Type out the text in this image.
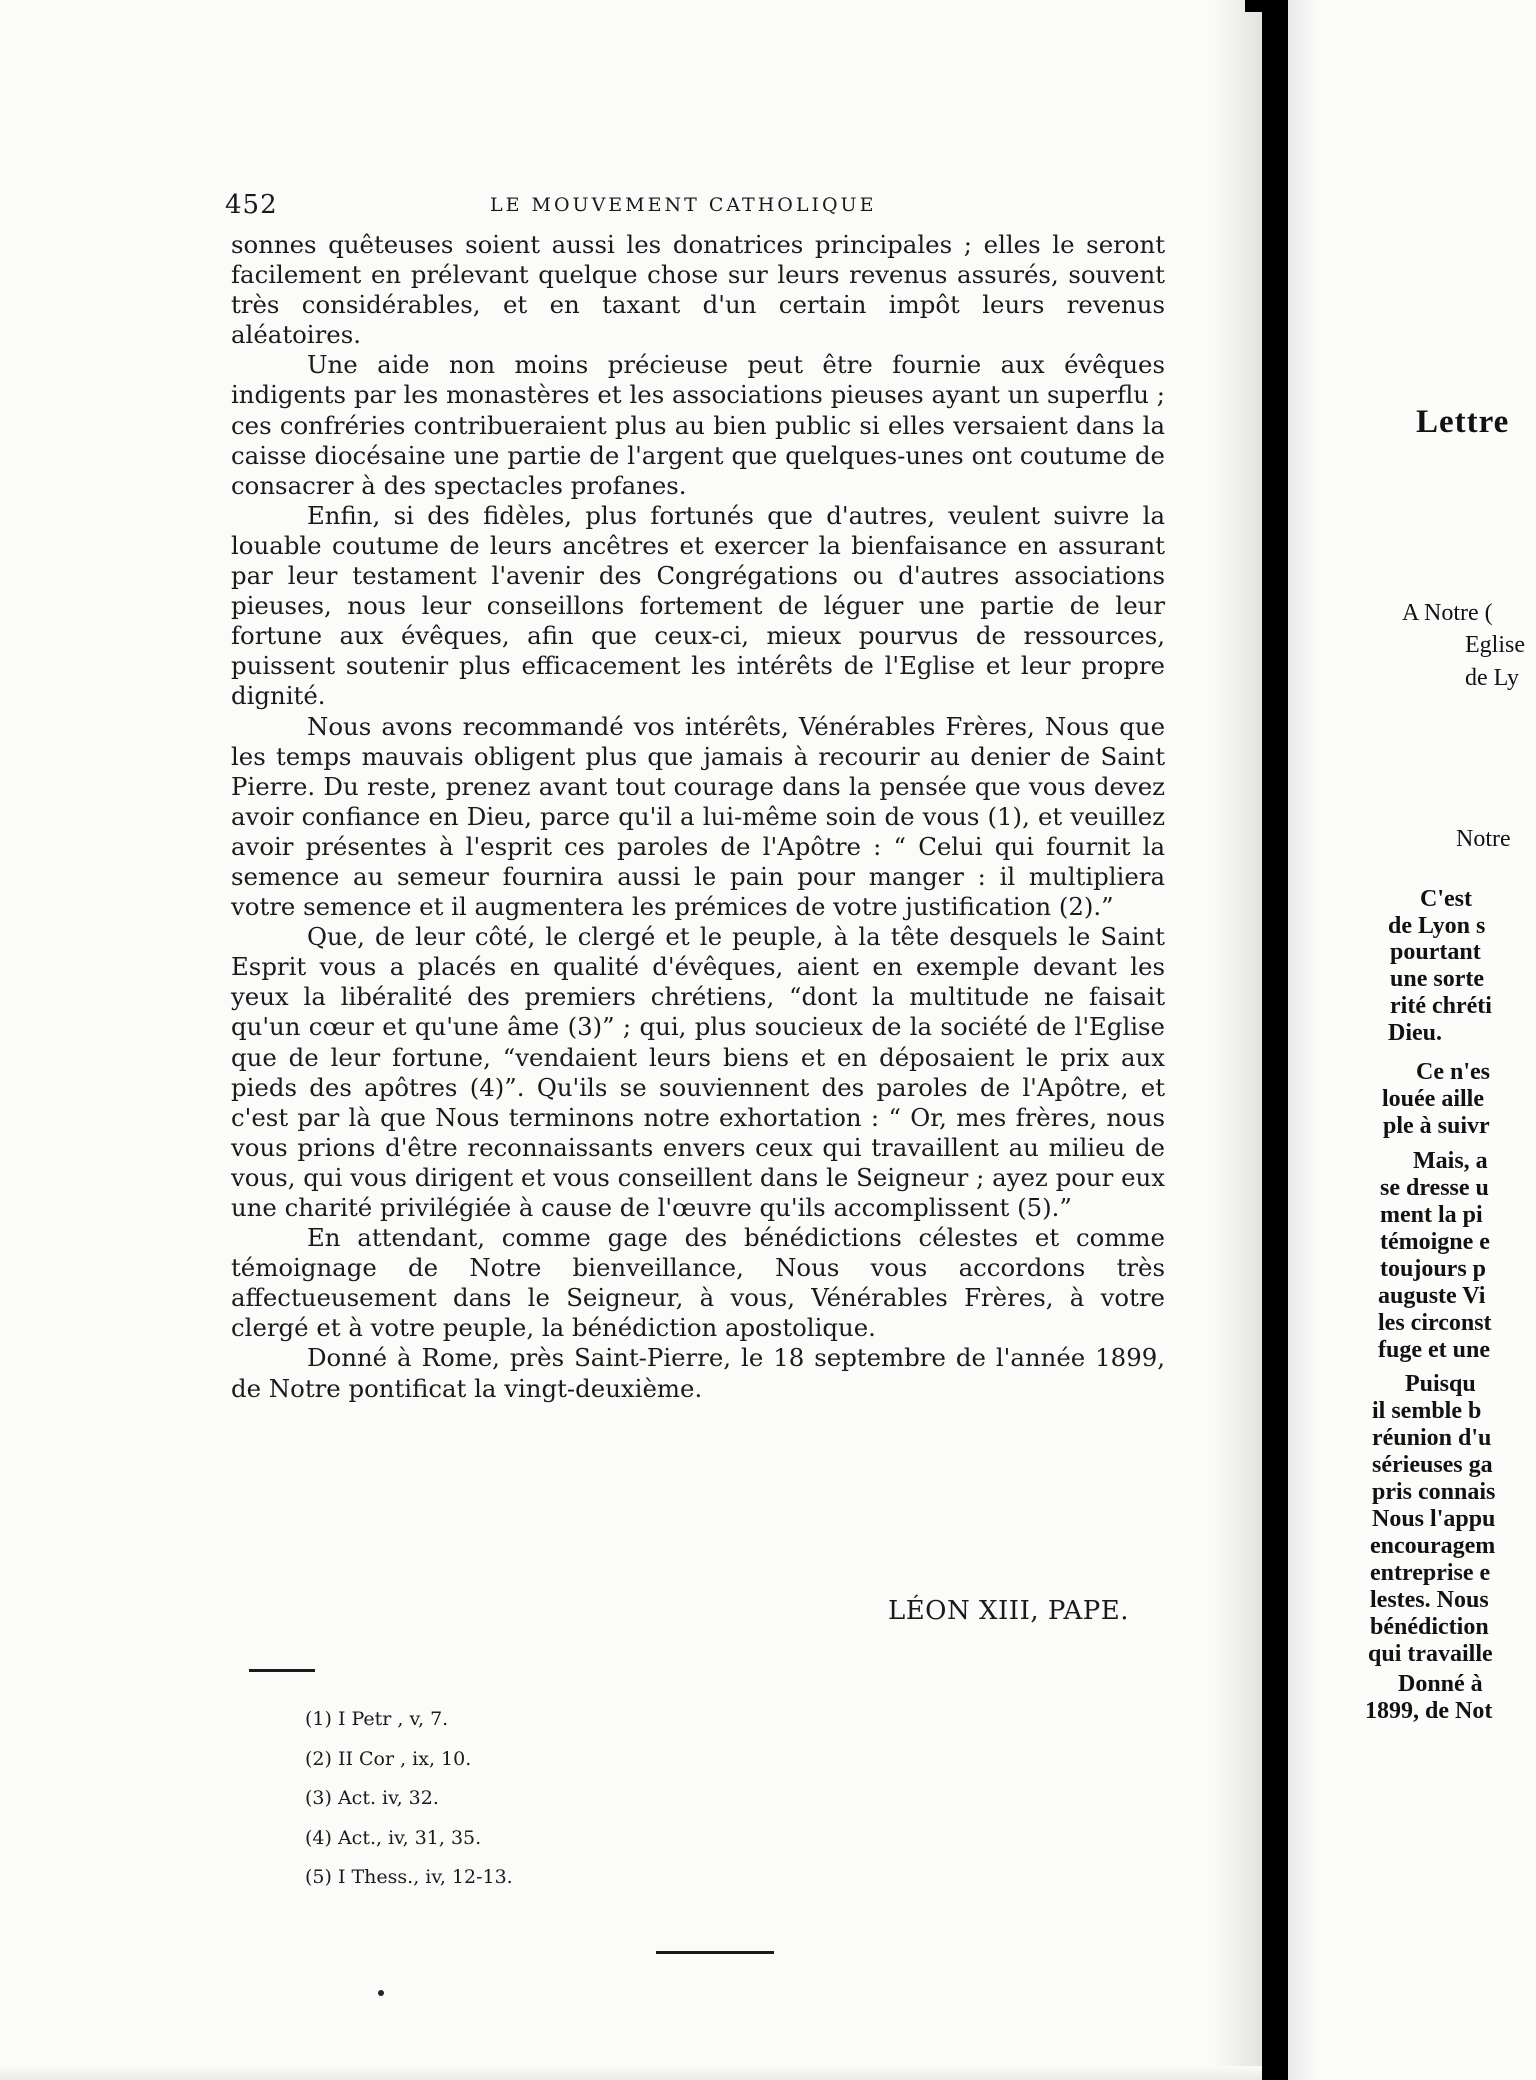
452	LE MOUVEMENT CATHOLIQUE

sonnes quêteuses soient aussi les donatrices principales ; elles le seront facilement en prélevant quelque chose sur leurs revenus assurés, souvent très considérables, et en taxant d'un certain impôt leurs revenus aléatoires.

Une aide non moins précieuse peut être fournie aux évêques indigents par les monastères et les associations pieuses ayant un superflu ; ces confréries contribueraient plus au bien public si elles versaient dans la caisse diocésaine une partie de l'argent que quelques-unes ont coutume de consacrer à des spectacles profanes.

Enfin, si des fidèles, plus fortunés que d'autres, veulent suivre la louable coutume de leurs ancêtres et exercer la bienfaisance en assurant par leur testament l'avenir des Congrégations ou d'autres associations pieuses, nous leur conseillons fortement de léguer une partie de leur fortune aux évêques, afin que ceux-ci, mieux pourvus de ressources, puissent soutenir plus efficacement les intérêts de l'Eglise et leur propre dignité.

Nous avons recommandé vos intérêts, Vénérables Frères, Nous que les temps mauvais obligent plus que jamais à recourir au denier de Saint Pierre. Du reste, prenez avant tout courage dans la pensée que vous devez avoir confiance en Dieu, parce qu'il a lui-même soin de vous (1), et veuillez avoir présentes à l'esprit ces paroles de l'Apôtre : “ Celui qui fournit la semence au semeur fournira aussi le pain pour manger : il multipliera votre semence et il augmentera les prémices de votre justification (2).”

Que, de leur côté, le clergé et le peuple, à la tête desquels le Saint Esprit vous a placés en qualité d'évêques, aient en exemple devant les yeux la libéralité des premiers chrétiens, “dont la multitude ne faisait qu'un cœur et qu'une âme (3)” ; qui, plus soucieux de la société de l'Eglise que de leur fortune, “vendaient leurs biens et en déposaient le prix aux pieds des apôtres (4)”. Qu'ils se souviennent des paroles de l'Apôtre, et c'est par là que Nous terminons notre exhortation : “ Or, mes frères, nous vous prions d'être reconnaissants envers ceux qui travaillent au milieu de vous, qui vous dirigent et vous conseillent dans le Seigneur ; ayez pour eux une charité privilégiée à cause de l'œuvre qu'ils accomplissent (5).”

En attendant, comme gage des bénédictions célestes et comme témoignage de Notre bienveillance, Nous vous accordons très affectueusement dans le Seigneur, à vous, Vénérables Frères, à votre clergé et à votre peuple, la bénédiction apostolique.

Donné à Rome, près Saint-Pierre, le 18 septembre de l'année 1899, de Notre pontificat la vingt-deuxième.

LÉON XIII, PAPE.
(1) I Petr , v, 7.
(2) II Cor , ix, 10.
(3) Act. iv, 32.
(4) Act., iv, 31, 35.
(5) I Thess., iv, 12-13.
Lettre
A Notre (
Eglise
de Ly
Notre
C'est
de Lyon s
pourtant
une sorte
rité chréti
Dieu.
Ce n'es
louée aille
ple à suivr
Mais, a
se dresse u
ment la pi
témoigne e
toujours p
auguste Vi
les circonst
fuge et une
Puisqu
il semble b
réunion d'u
sérieuses ga
pris connais
Nous l'appu
encouragem
entreprise e
lestes. Nous
bénédiction
qui travaille
Donné à
1899, de Not
